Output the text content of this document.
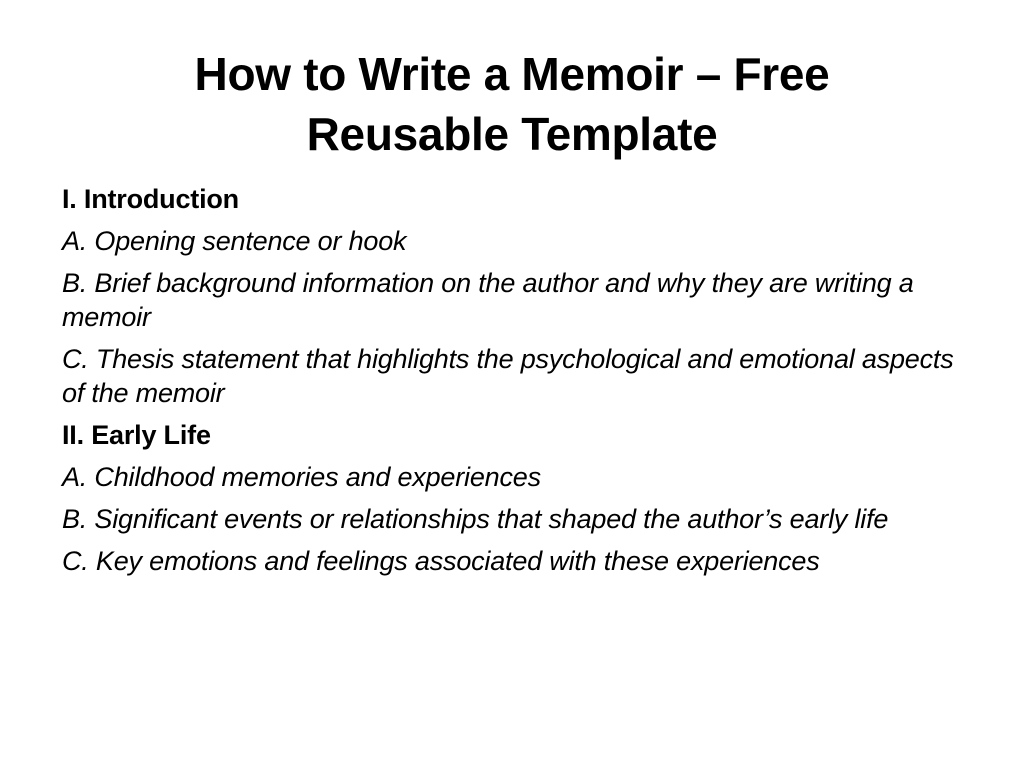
How to Write a Memoir – Free
Reusable Template
I. Introduction
A. Opening sentence or hook
B. Brief background information on the author and why they are writing a memoir
C. Thesis statement that highlights the psychological and emotional aspects of the memoir
II. Early Life
A. Childhood memories and experiences
B. Significant events or relationships that shaped the author’s early life
C. Key emotions and feelings associated with these experiences
